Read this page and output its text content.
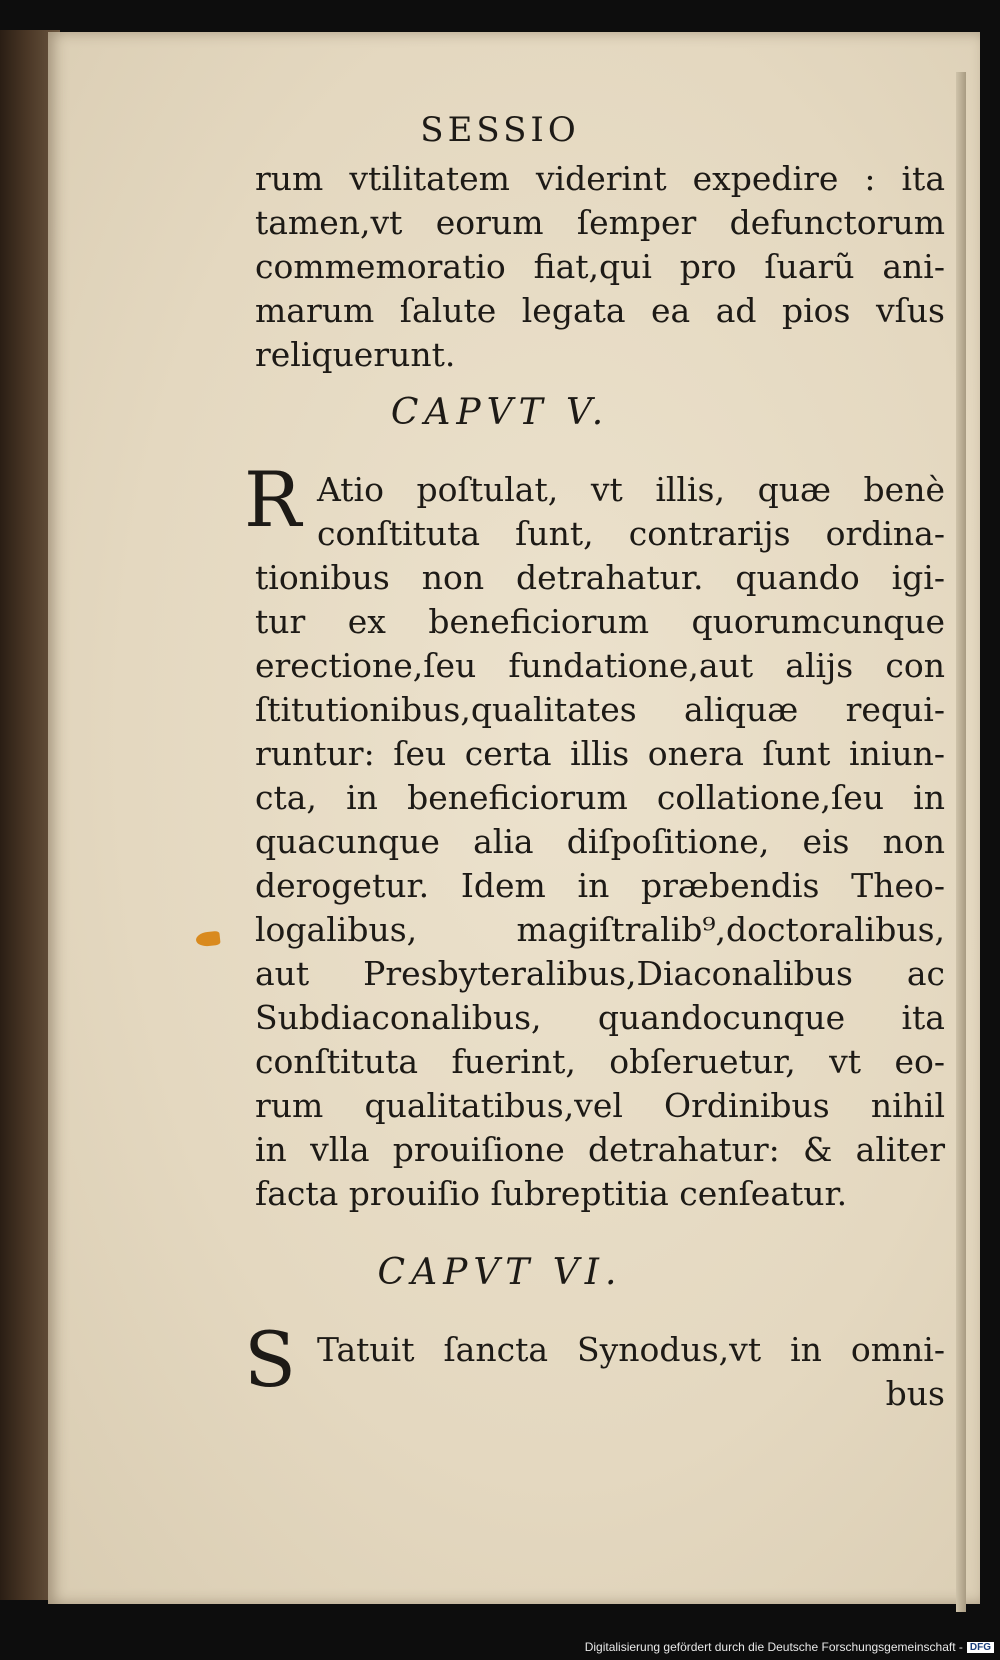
SESSIO
rum vtilitatem viderint expedire : ita
tamen,vt eorum ſemper defunctorum
commemoratio fiat,qui pro ſuarũ ani-
marum ſalute legata ea ad pios vſus
reliquerunt.
CAPVT V.
R Atio poſtulat, vt illis, quæ benè
conſtituta ſunt, contrarijs ordina-
tionibus non detrahatur. quando igi-
tur ex beneficiorum quorumcunque
erectione,ſeu fundatione,aut alijs con
ſtitutionibus,qualitates aliquæ requi-
runtur: ſeu certa illis onera ſunt iniun-
cta, in beneficiorum collatione,ſeu in
quacunque alia diſpoſitione, eis non
derogetur. Idem in præbendis Theo-
logalibus, magiſtralib⁹,doctoralibus,
aut Presbyteralibus,Diaconalibus ac
Subdiaconalibus, quandocunque ita
conſtituta fuerint, obſeruetur, vt eo-
rum qualitatibus,vel Ordinibus nihil
in vlla prouiſione detrahatur: & aliter
facta prouiſio ſubreptitia cenſeatur.
CAPVT VI.
S Tatuit ſancta Synodus,vt in omni-
bus
Digitalisierung gefördert durch die Deutsche Forschungsgemeinschaft - DFG
